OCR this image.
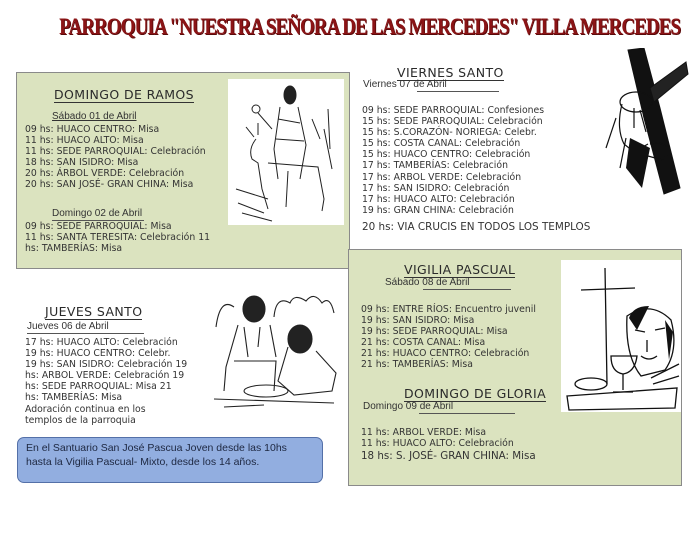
PARROQUIA "NUESTRA SEÑORA DE LAS MERCEDES" VILLA MERCEDES
DOMINGO DE RAMOS
Sábado 01 de Abril
09 hs: HUACO CENTRO: Misa
11 hs: HUACO ALTO: Misa
11 hs: SEDE PARROQUIAL: Celebración
18 hs: SAN ISIDRO: Misa
20 hs: ÁRBOL VERDE: Celebración
20 hs: SAN JOSÉ- GRAN CHINA: Misa
Domingo 02 de Abril
09 hs: SEDE PARROQUIAL: Misa
11 hs: SANTA TERESITA: Celebración 11
hs: TAMBERÍAS: Misa
JUEVES SANTO
Jueves 06 de Abril
17 hs: HUACO ALTO: Celebración
19 hs: HUACO CENTRO: Celebr.
19 hs: SAN ISIDRO: Celebración 19
hs: ARBOL VERDE: Celebración 19
hs: SEDE PARROQUIAL: Misa 21
hs: TAMBERÍAS: Misa
Adoración continua en los
templos de la parroquia
VIERNES SANTO
Viernes 07 de Abril
09 hs: SEDE PARROQUIAL: Confesiones
15 hs: SEDE PARROQUIAL: Celebración
15 hs: S.CORAZÓN- NORIEGA: Celebr.
15 hs: COSTA CANAL: Celebración
15 hs: HUACO CENTRO: Celebración
17 hs: TAMBERÍAS: Celebración
17 hs: ARBOL VERDE: Celebración
17 hs: SAN ISIDRO: Celebración
17 hs: HUACO ALTO: Celebración
19 hs: GRAN CHINA: Celebración
20 hs: VIA CRUCIS EN TODOS LOS TEMPLOS
VIGILIA PASCUAL
Sábado 08 de Abril
09 hs: ENTRE RÍOS: Encuentro juvenil
19 hs: SAN ISIDRO: Misa
19 hs: SEDE PARROQUIAL: Misa
21 hs: COSTA CANAL: Misa
21 hs: HUACO CENTRO: Celebración
21 hs: TAMBERÍAS: Misa
DOMINGO DE GLORIA
Domingo 09 de Abril
11 hs: ARBOL VERDE: Misa
11 hs: HUACO ALTO: Celebración
18 hs: S. JOSÉ- GRAN CHINA: Misa
En el Santuario San José Pascua Joven desde las 10hs hasta la Vigilia Pascual- Mixto, desde los 14 años.
